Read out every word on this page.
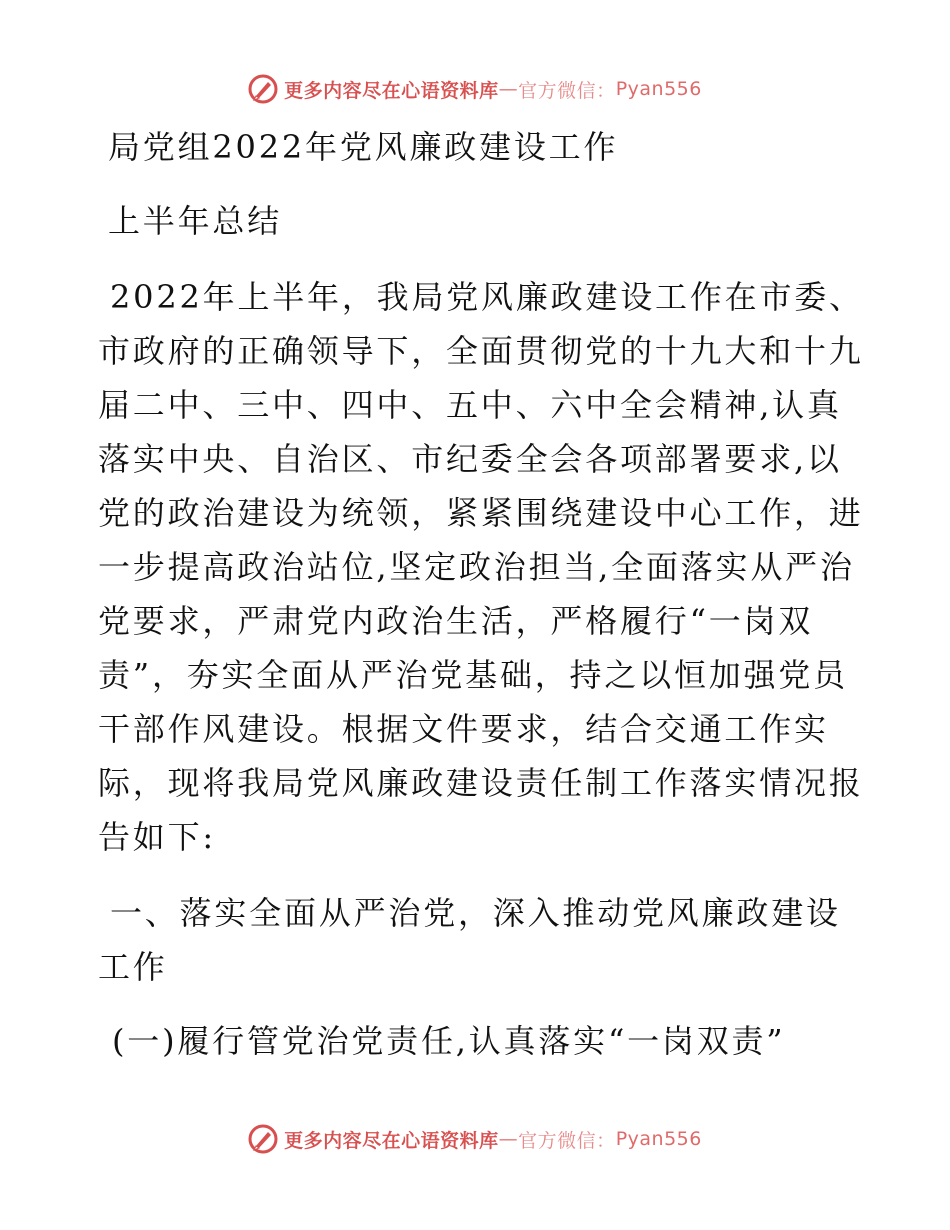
更多内容尽在心语资料库 — 官方微信： Pyan556
局党组2022年党风廉政建设工作
上半年总结
2022年上半年，我局党风廉政建设工作在市委、
市政府的正确领导下，全面贯彻党的十九大和十九
届二中、三中、四中、五中、六中全会精神,认真
落实中央、自治区、市纪委全会各项部署要求,以
党的政治建设为统领，紧紧围绕建设中心工作，进
一步提高政治站位,坚定政治担当,全面落实从严治
党要求，严肃党内政治生活，严格履行“一岗双
责”，夯实全面从严治党基础，持之以恒加强党员
干部作风建设。根据文件要求，结合交通工作实
际，现将我局党风廉政建设责任制工作落实情况报
告如下:
一、落实全面从严治党，深入推动党风廉政建设
工作
(一)履行管党治党责任,认真落实“一岗双责”
更多内容尽在心语资料库 — 官方微信： Pyan556
